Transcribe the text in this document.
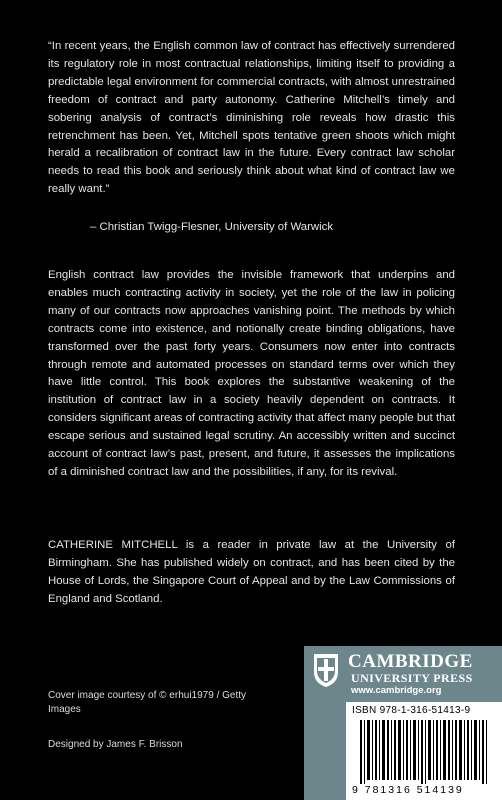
“In recent years, the English common law of contract has effectively surrendered its regulatory role in most contractual relationships, limiting itself to providing a predictable legal environment for commercial contracts, with almost unrestrained freedom of contract and party autonomy. Catherine Mitchell’s timely and sobering analysis of contract’s diminishing role reveals how drastic this retrenchment has been. Yet, Mitchell spots tentative green shoots which might herald a recalibration of contract law in the future. Every contract law scholar needs to read this book and seriously think about what kind of contract law we really want.”

– Christian Twigg-Flesner, University of Warwick

English contract law provides the invisible framework that underpins and enables much contracting activity in society, yet the role of the law in policing many of our contracts now approaches vanishing point. The methods by which contracts come into existence, and notionally create binding obligations, have transformed over the past forty years. Consumers now enter into contracts through remote and automated processes on standard terms over which they have little control. This book explores the substantive weakening of the institution of contract law in a society heavily dependent on contracts. It considers significant areas of contracting activity that affect many people but that escape serious and sustained legal scrutiny. An accessibly written and succinct account of contract law’s past, present, and future, it assesses the implications of a diminished contract law and the possibilities, if any, for its revival.

CATHERINE MITCHELL is a reader in private law at the University of Birmingham. She has published widely on contract, and has been cited by the House of Lords, the Singapore Court of Appeal and by the Law Commissions of England and Scotland.

Cover image courtesy of © erhui1979 / Getty Images

Designed by James F. Brisson

CAMBRIDGE

UNIVERSITY PRESS

www.cambridge.org

ISBN 978-1-316-51413-9

9 781316 514139
